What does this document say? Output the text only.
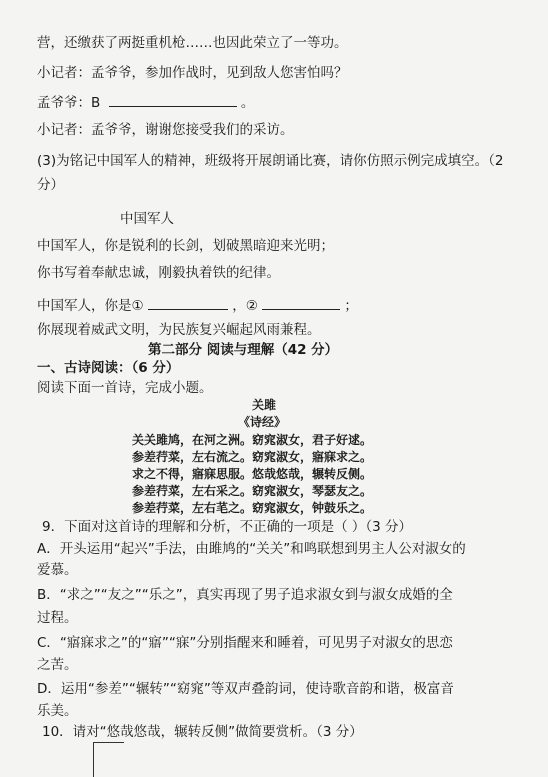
营，还缴获了两挺重机枪……也因此荣立了一等功。
小记者：孟爷爷，参加作战时，见到敌人您害怕吗？
孟爷爷：B	。
小记者：孟爷爷，谢谢您接受我们的采访。
(3)为铭记中国军人的精神，班级将开展朗诵比赛，请你仿照示例完成填空。（2
分）
中国军人
中国军人，你是锐利的长剑，划破黑暗迎来光明；
你书写着奉献忠诚，刚毅执着铁的纪律。
中国军人，你是①	，②	；
你展现着威武文明，为民族复兴崛起风雨兼程。
第二部分 阅读与理解（42 分）
一、古诗阅读：（6 分）
阅读下面一首诗，完成小题。
关雎
《诗经》
关关雎鸠，在河之洲。窈窕淑女，君子好逑。
参差荇菜，左右流之。窈窕淑女，寤寐求之。
求之不得，寤寐思服。悠哉悠哉，辗转反侧。
参差荇菜，左右采之。窈窕淑女，琴瑟友之。
参差荇菜，左右芼之。窈窕淑女，钟鼓乐之。
9．下面对这首诗的理解和分析，不正确的一项是（ ）（3 分）
A．开头运用“起兴”手法，由雎鸠的“关关”和鸣联想到男主人公对淑女的
爱慕。
B．“求之”“友之”“乐之”，真实再现了男子追求淑女到与淑女成婚的全
过程。
C．“寤寐求之”的“寤”“寐”分别指醒来和睡着，可见男子对淑女的思恋
之苦。
D．运用“参差”“辗转”“窈窕”等双声叠韵词，使诗歌音韵和谐，极富音
乐美。
10．请对“悠哉悠哉，辗转反侧”做简要赏析。（3 分）
